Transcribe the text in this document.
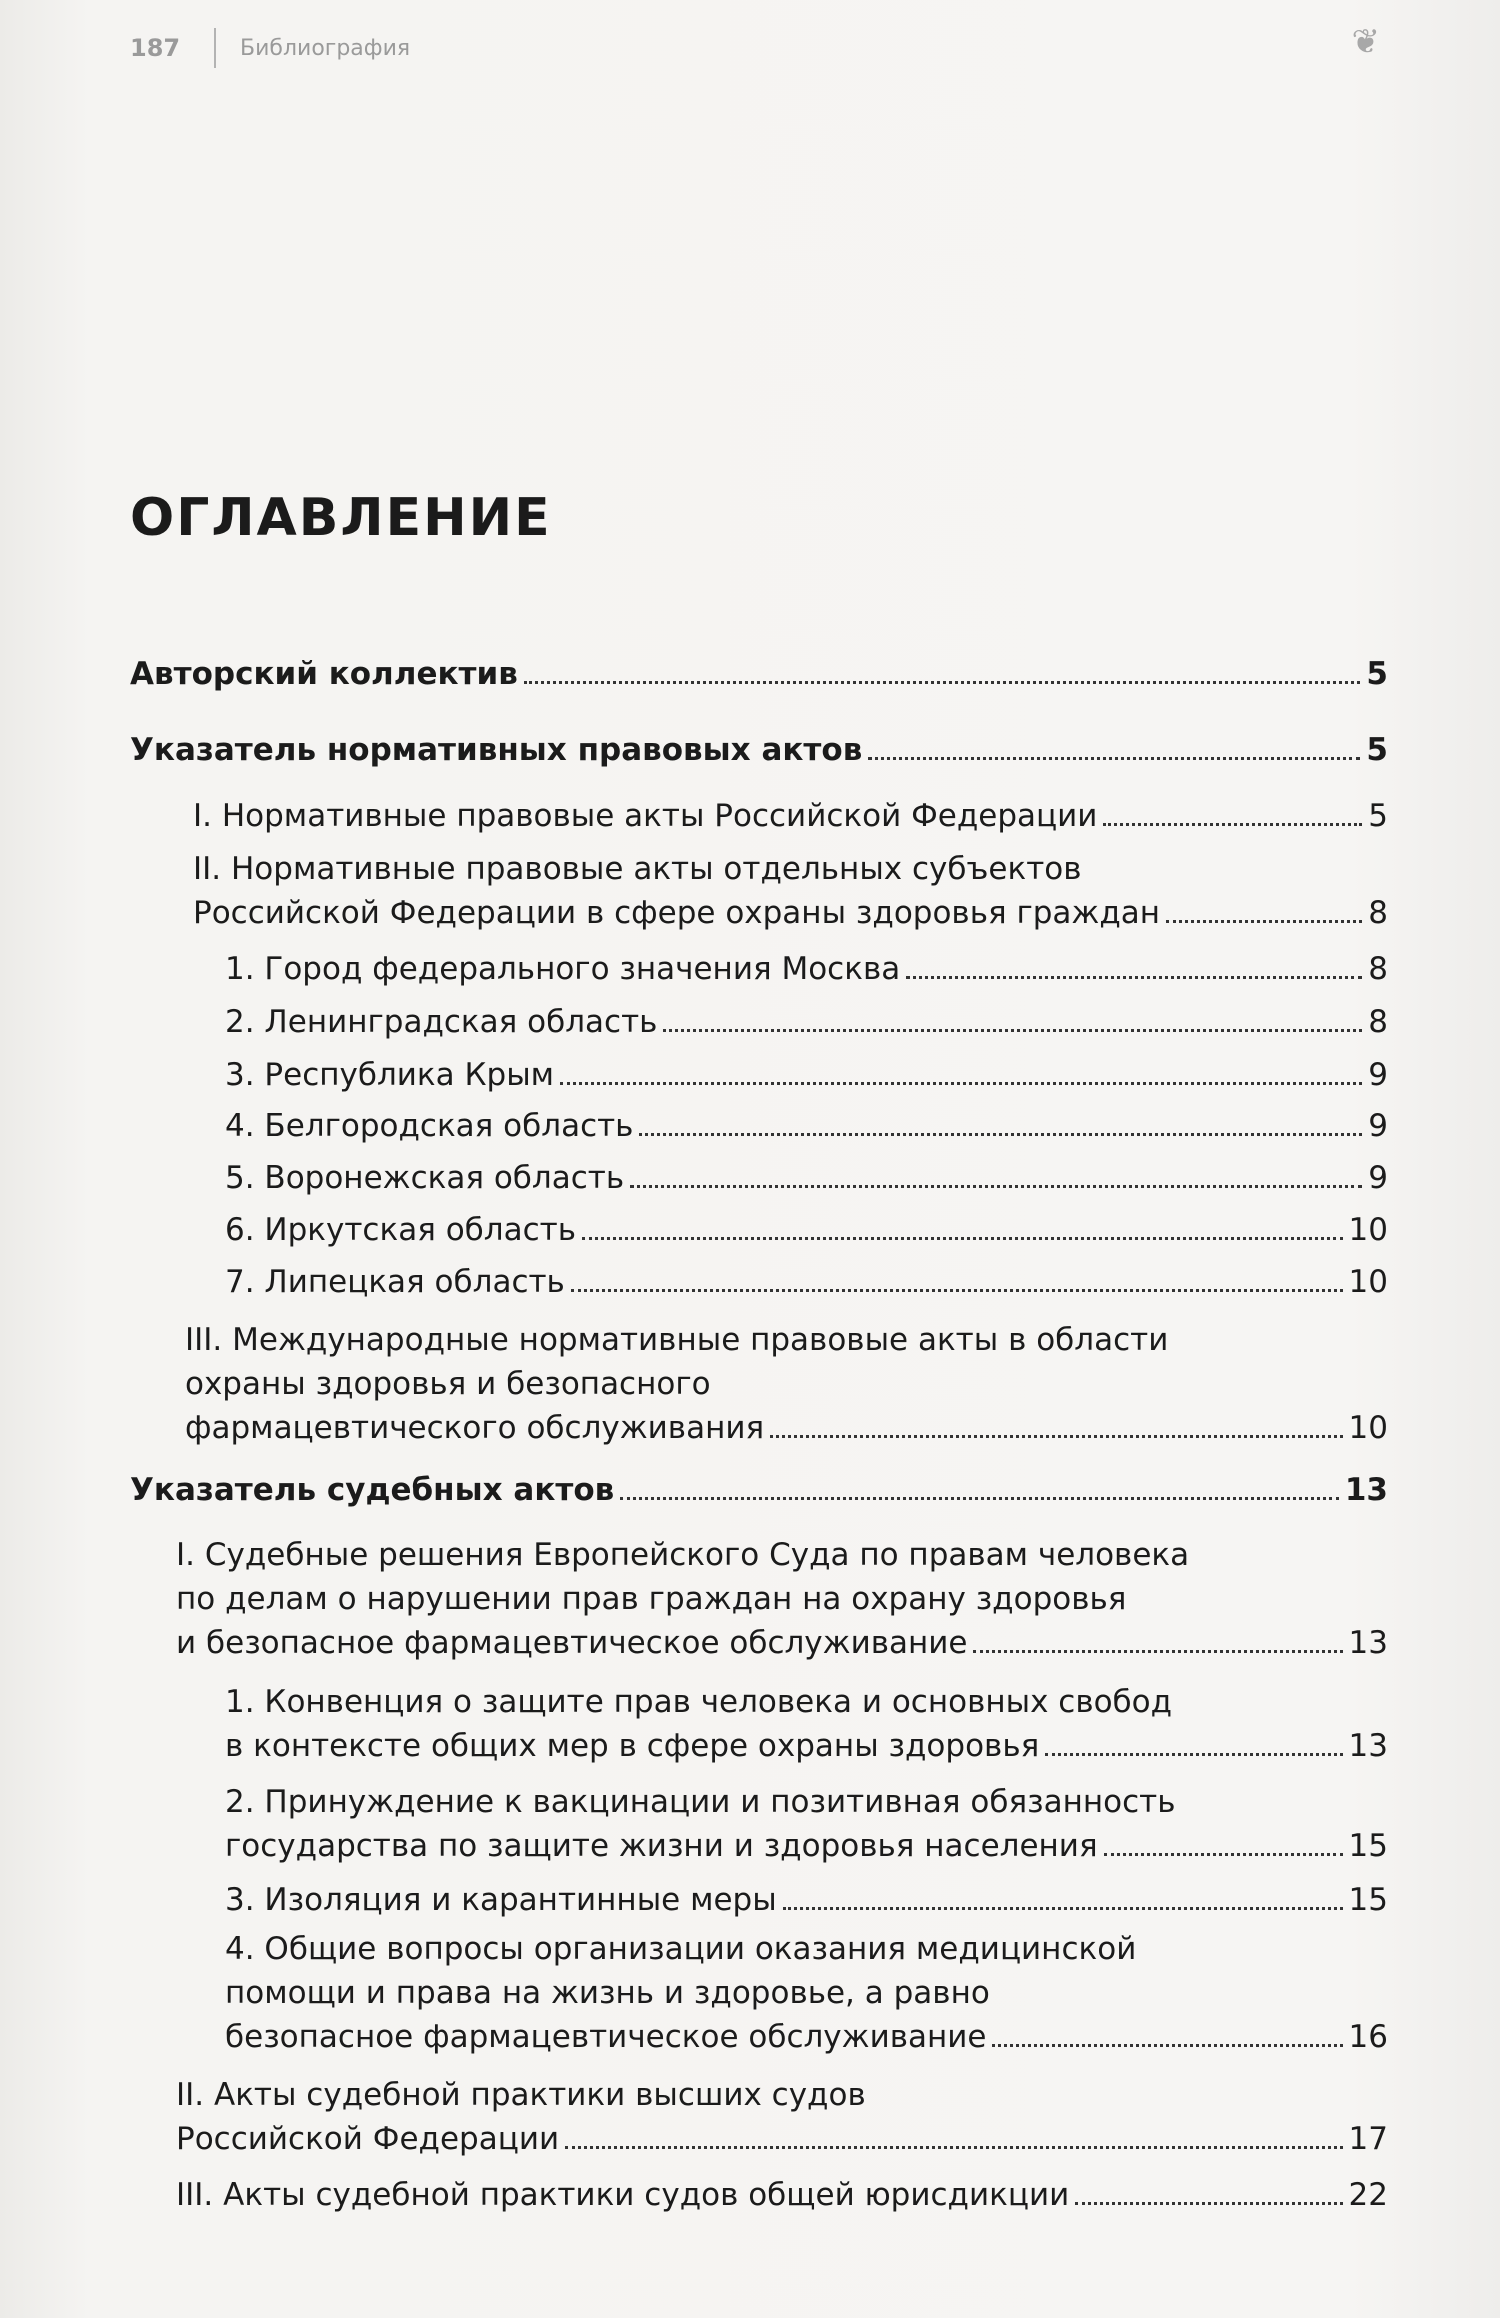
187	Библиография	❦

ОГЛАВЛЕНИЕ
Авторский коллектив	5
Указатель нормативных правовых актов	5
I. Нормативные правовые акты Российской Федерации	5
II. Нормативные правовые акты отдельных субъектов
Российской Федерации в сфере охраны здоровья граждан	8
1. Город федерального значения Москва	8
2. Ленинградская область	8
3. Республика Крым	9
4. Белгородская область	9
5. Воронежская область	9
6. Иркутская область	10
7. Липецкая область	10
III. Международные нормативные правовые акты в области
охраны здоровья и безопасного
фармацевтического обслуживания	10
Указатель судебных актов	13
I. Судебные решения Европейского Суда по правам человека
по делам о нарушении прав граждан на охрану здоровья
и безопасное фармацевтическое обслуживание	13
1. Конвенция о защите прав человека и основных свобод
в контексте общих мер в сфере охраны здоровья	13
2. Принуждение к вакцинации и позитивная обязанность
государства по защите жизни и здоровья населения	15
3. Изоляция и карантинные меры	15
4. Общие вопросы организации оказания медицинской
помощи и права на жизнь и здоровье, а равно
безопасное фармацевтическое обслуживание	16
II. Акты судебной практики высших судов
Российской Федерации	17
III. Акты судебной практики судов общей юрисдикции	22
